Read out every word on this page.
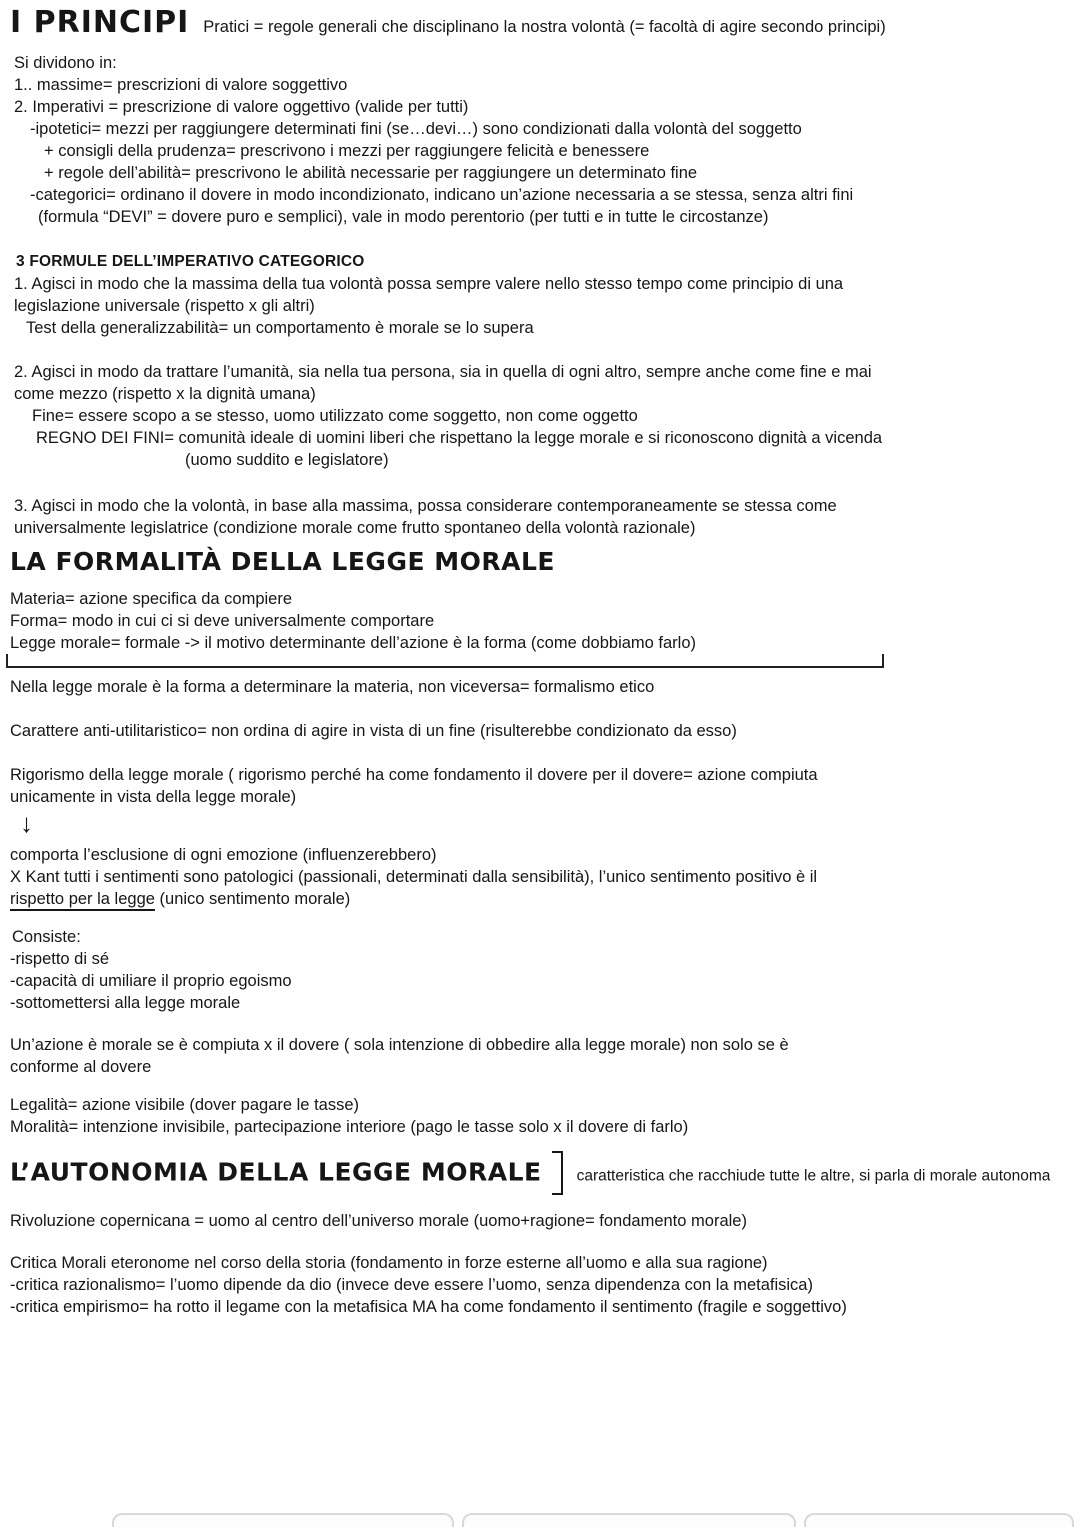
I PRINCIPI Pratici = regole generali che disciplinano la nostra volontà (= facoltà di agire secondo principi)
Si dividono in:
1.. massime= prescrizioni di valore soggettivo
2. Imperativi = prescrizione di valore oggettivo (valide per tutti)
-ipotetici= mezzi per raggiungere determinati fini (se…devi…) sono condizionati dalla volontà del soggetto
+ consigli della prudenza= prescrivono i mezzi per raggiungere felicità e benessere
+ regole dell’abilità= prescrivono le abilità necessarie per raggiungere un determinato fine
-categorici= ordinano il dovere in modo incondizionato, indicano un’azione necessaria a se stessa, senza altri fini
(formula “DEVI” = dovere puro e semplici), vale in modo perentorio (per tutti e in tutte le circostanze)
3 FORMULE DELL’IMPERATIVO CATEGORICO
1. Agisci in modo che la massima della tua volontà possa sempre valere nello stesso tempo come principio di una
legislazione universale (rispetto x gli altri)
Test della generalizzabilità= un comportamento è morale se lo supera
2. Agisci in modo da trattare l’umanità, sia nella tua persona, sia in quella di ogni altro, sempre anche come fine e mai
come mezzo (rispetto x la dignità umana)
Fine= essere scopo a se stesso, uomo utilizzato come soggetto, non come oggetto
REGNO DEI FINI= comunità ideale di uomini liberi che rispettano la legge morale e si riconoscono dignità a vicenda
(uomo suddito e legislatore)
3. Agisci in modo che la volontà, in base alla massima, possa considerare contemporaneamente se stessa come
universalmente legislatrice (condizione morale come frutto spontaneo della volontà razionale)
LA FORMALITÀ DELLA LEGGE MORALE
Materia= azione specifica da compiere
Forma= modo in cui ci si deve universalmente comportare
Legge morale= formale -> il motivo determinante dell’azione è la forma (come dobbiamo farlo)
Nella legge morale è la forma a determinare la materia, non viceversa= formalismo etico
Carattere anti-utilitaristico= non ordina di agire in vista di un fine (risulterebbe condizionato da esso)
Rigorismo della legge morale ( rigorismo perché ha come fondamento il dovere per il dovere= azione compiuta
unicamente in vista della legge morale)
↓
comporta l’esclusione di ogni emozione (influenzerebbero)
X Kant tutti i sentimenti sono patologici (passionali, determinati dalla sensibilità), l’unico sentimento positivo è il
rispetto per la legge (unico sentimento morale)
Consiste:
-rispetto di sé
-capacità di umiliare il proprio egoismo
-sottomettersi alla legge morale
Un’azione è morale se è compiuta x il dovere ( sola intenzione di obbedire alla legge morale) non solo se è
conforme al dovere
Legalità= azione visibile (dover pagare le tasse)
Moralità= intenzione invisibile, partecipazione interiore (pago le tasse solo x il dovere di farlo)
L’AUTONOMIA DELLA LEGGE MORALE caratteristica che racchiude tutte le altre, si parla di morale autonoma
Rivoluzione copernicana = uomo al centro dell’universo morale (uomo+ragione= fondamento morale)
Critica Morali eteronome nel corso della storia (fondamento in forze esterne all’uomo e alla sua ragione)
-critica razionalismo= l’uomo dipende da dio (invece deve essere l’uomo, senza dipendenza con la metafisica)
-critica empirismo= ha rotto il legame con la metafisica MA ha come fondamento il sentimento (fragile e soggettivo)
